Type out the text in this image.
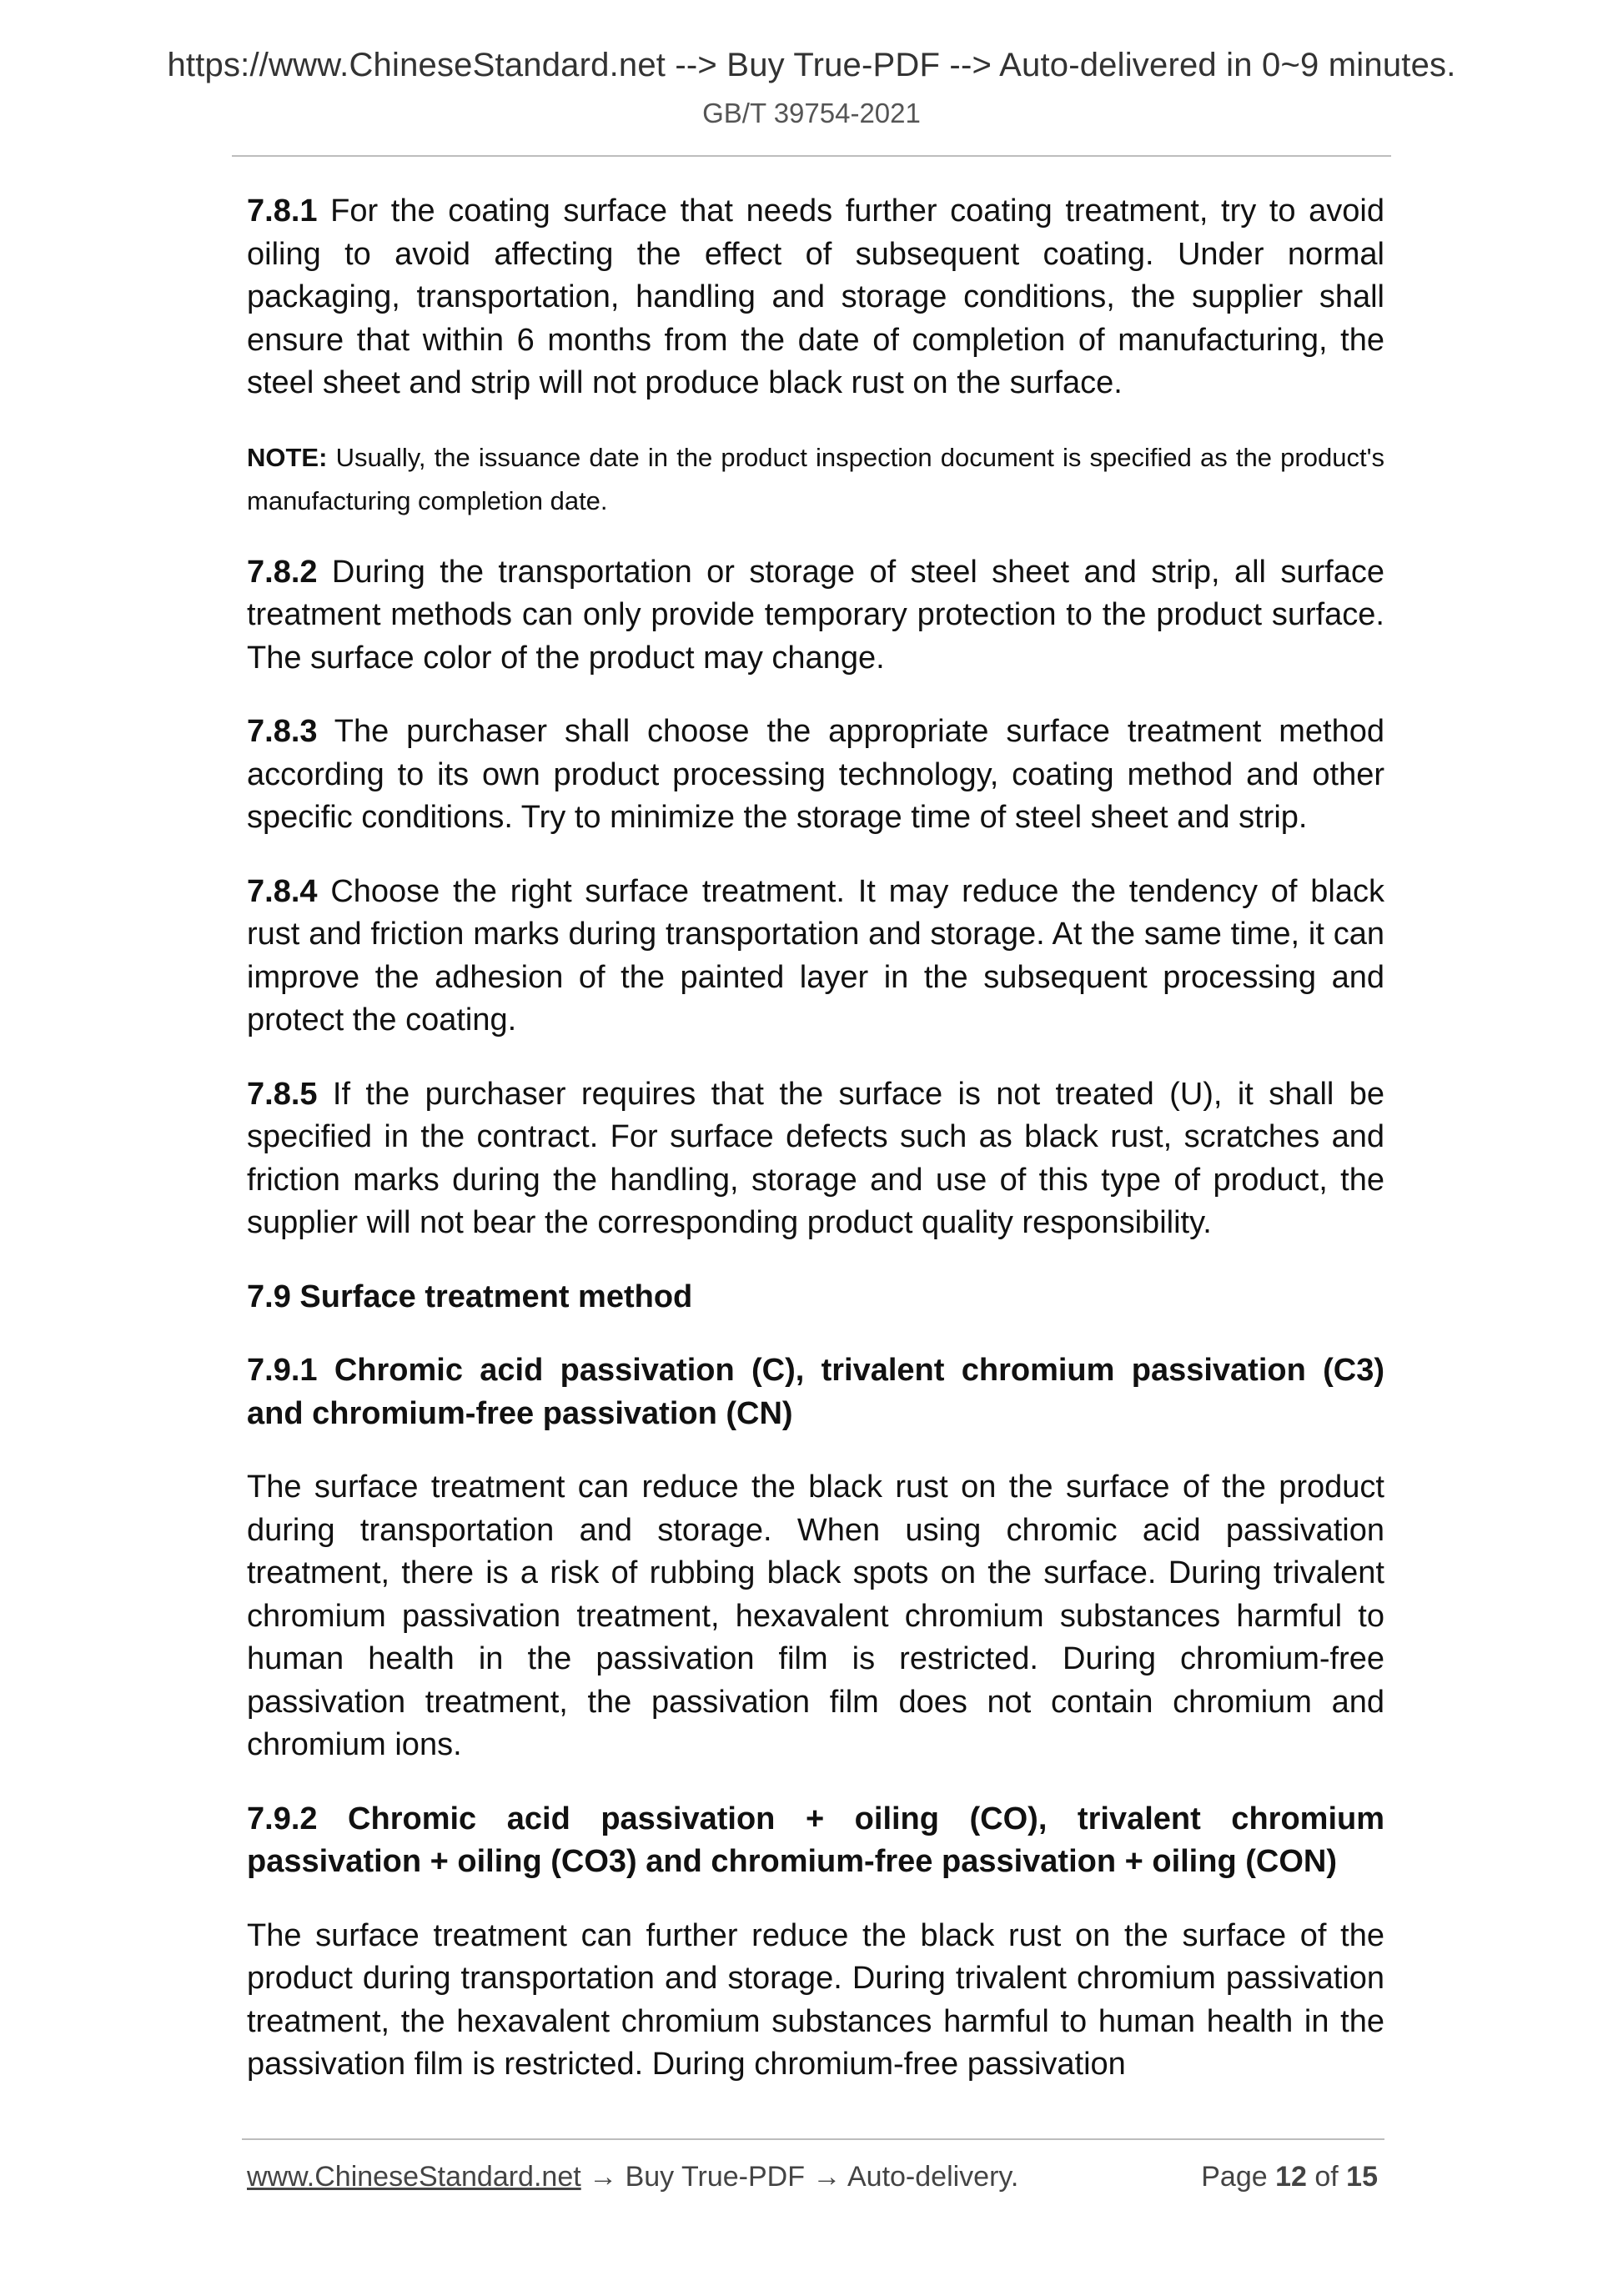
https://www.ChineseStandard.net --> Buy True-PDF --> Auto-delivered in 0~9 minutes.
GB/T 39754-2021

7.8.1 For the coating surface that needs further coating treatment, try to avoid oiling to avoid affecting the effect of subsequent coating. Under normal packaging, transportation, handling and storage conditions, the supplier shall ensure that within 6 months from the date of completion of manufacturing, the steel sheet and strip will not produce black rust on the surface.

NOTE: Usually, the issuance date in the product inspection document is specified as the product's manufacturing completion date.

7.8.2 During the transportation or storage of steel sheet and strip, all surface treatment methods can only provide temporary protection to the product surface. The surface color of the product may change.

7.8.3 The purchaser shall choose the appropriate surface treatment method according to its own product processing technology, coating method and other specific conditions. Try to minimize the storage time of steel sheet and strip.

7.8.4 Choose the right surface treatment. It may reduce the tendency of black rust and friction marks during transportation and storage. At the same time, it can improve the adhesion of the painted layer in the subsequent processing and protect the coating.

7.8.5 If the purchaser requires that the surface is not treated (U), it shall be specified in the contract. For surface defects such as black rust, scratches and friction marks during the handling, storage and use of this type of product, the supplier will not bear the corresponding product quality responsibility.

7.9 Surface treatment method
7.9.1 Chromic acid passivation (C), trivalent chromium passivation (C3) and chromium-free passivation (CN)

The surface treatment can reduce the black rust on the surface of the product during transportation and storage. When using chromic acid passivation treatment, there is a risk of rubbing black spots on the surface. During trivalent chromium passivation treatment, hexavalent chromium substances harmful to human health in the passivation film is restricted. During chromium-free passivation treatment, the passivation film does not contain chromium and chromium ions.

7.9.2 Chromic acid passivation + oiling (CO), trivalent chromium passivation + oiling (CO3) and chromium-free passivation + oiling (CON)

The surface treatment can further reduce the black rust on the surface of the product during transportation and storage. During trivalent chromium passivation treatment, the hexavalent chromium substances harmful to human health in the passivation film is restricted. During chromium-free passivation

www.ChineseStandard.net → Buy True-PDF → Auto-delivery.	Page 12 of 15
